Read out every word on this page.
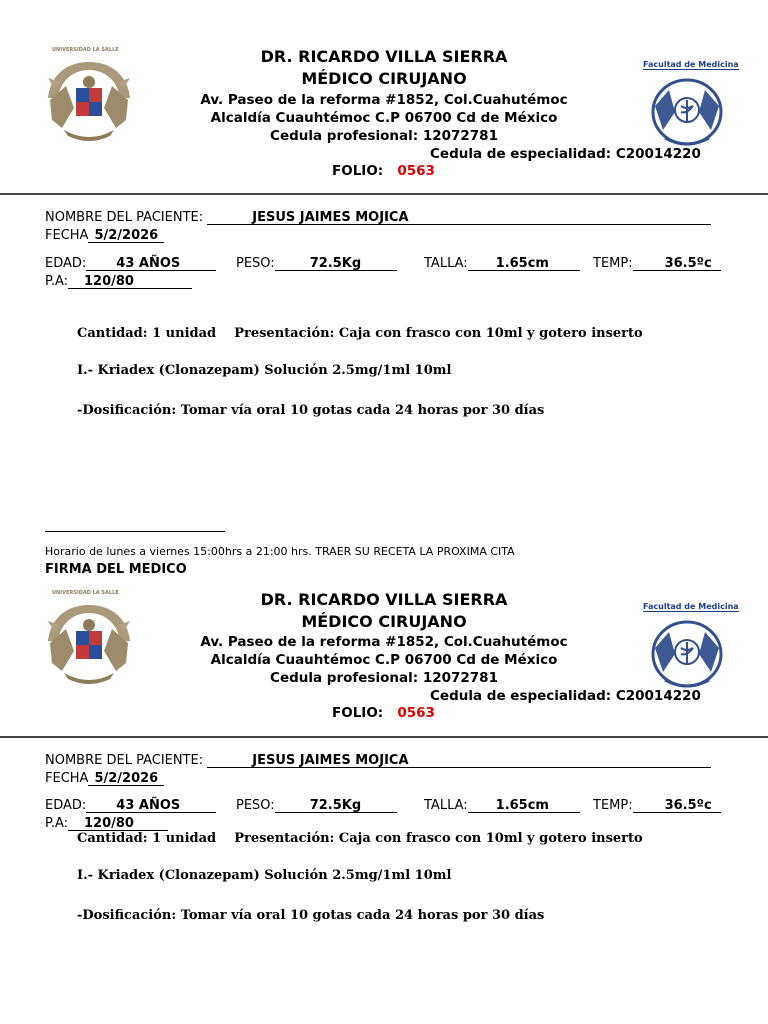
UNIVERSIDAD LA SALLE	DR. RICARDO VILLA SIERRA
MÉDICO CIRUJANO
Av. Paseo de la reforma #1852, Col.Cuahutémoc
Alcaldía Cuauhtémoc C.P 06700 Cd de México
Cedula profesional: 12072781
Cedula de especialidad: C20014220
FOLIO: 0563
Facultad de Medicina
NOMBRE DEL PACIENTE:	JESUS JAIMES MOJICA
FECHA 5/2/2026
EDAD: 43 AÑOS	PESO:	72.5Kg	TALLA: 1.65cm	TEMP: 36.5ºc
P.A: 120/80
Cantidad: 1 unidad Presentación: Caja con frasco con 10ml y gotero inserto
I.- Kriadex (Clonazepam) Solución 2.5mg/1ml 10ml
-Dosificación: Tomar vía oral 10 gotas cada 24 horas por 30 días
Horario de lunes a viernes 15:00hrs a 21:00 hrs. TRAER SU RECETA LA PROXIMA CITA
FIRMA DEL MEDICO
UNIVERSIDAD LA SALLE	DR. RICARDO VILLA SIERRA
MÉDICO CIRUJANO
Av. Paseo de la reforma #1852, Col.Cuahutémoc
Alcaldía Cuauhtémoc C.P 06700 Cd de México
Cedula profesional: 12072781
Cedula de especialidad: C20014220
FOLIO: 0563
Facultad de Medicina
NOMBRE DEL PACIENTE:	JESUS JAIMES MOJICA
FECHA 5/2/2026
EDAD: 43 AÑOS	PESO:	72.5Kg	TALLA: 1.65cm	TEMP: 36.5ºc
P.A: 120/80
Cantidad: 1 unidad Presentación: Caja con frasco con 10ml y gotero inserto
I.- Kriadex (Clonazepam) Solución 2.5mg/1ml 10ml
-Dosificación: Tomar vía oral 10 gotas cada 24 horas por 30 días
